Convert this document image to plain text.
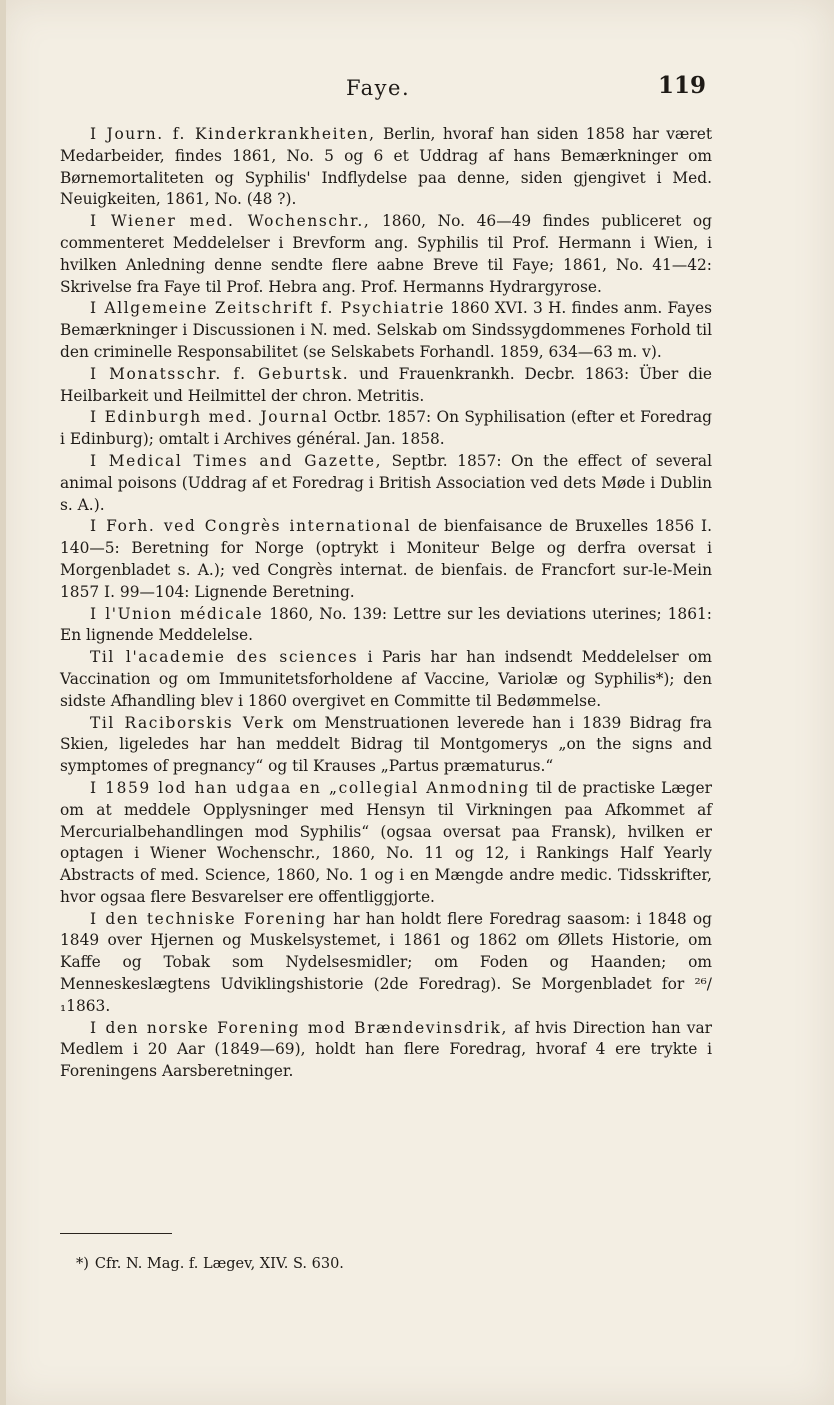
Faye.	119

I Journ. f. Kinderkrankheiten, Berlin, hvoraf han siden 1858 har været Medarbeider, findes 1861, No. 5 og 6 et Uddrag af hans Bemærkninger om Børnemortaliteten og Syphilis' Indflydelse paa denne, siden gjengivet i Med. Neuigkeiten, 1861, No. (48 ?).

I Wiener med. Wochenschr., 1860, No. 46—49 findes publiceret og commenteret Meddelelser i Brevform ang. Syphilis til Prof. Hermann i Wien, i hvilken Anledning denne sendte flere aabne Breve til Faye; 1861, No. 41—42: Skrivelse fra Faye til Prof. Hebra ang. Prof. Hermanns Hydrargyrose.

I Allgemeine Zeitschrift f. Psychiatrie 1860 XVI. 3 H. findes anm. Fayes Bemærkninger i Discussionen i N. med. Selskab om Sindssygdommenes Forhold til den criminelle Responsabilitet (se Selskabets Forhandl. 1859, 634—63 m. v).

I Monatsschr. f. Geburtsk. und Frauenkrankh. Decbr. 1863: Über die Heilbarkeit und Heilmittel der chron. Metritis.

I Edinburgh med. Journal Octbr. 1857: On Syphilisation (efter et Foredrag i Edinburg); omtalt i Archives général. Jan. 1858.

I Medical Times and Gazette, Septbr. 1857: On the effect of several animal poisons (Uddrag af et Foredrag i British Association ved dets Møde i Dublin s. A.).

I Forh. ved Congrès international de bienfaisance de Bruxelles 1856 I. 140—5: Beretning for Norge (optrykt i Moniteur Belge og derfra oversat i Morgenbladet s. A.); ved Congrès internat. de bienfais. de Francfort sur-le-Mein 1857 I. 99—104: Lignende Beretning.

I l'Union médicale 1860, No. 139: Lettre sur les deviations uterines; 1861: En lignende Meddelelse.

Til l'academie des sciences i Paris har han indsendt Meddelelser om Vaccination og om Immunitetsforholdene af Vaccine, Variolæ og Syphilis*); den sidste Afhandling blev i 1860 overgivet en Committe til Bedømmelse.

Til Raciborskis Verk om Menstruationen leverede han i 1839 Bidrag fra Skien, ligeledes har han meddelt Bidrag til Montgomerys „on the signs and symptomes of pregnancy“ og til Krauses „Partus præmaturus.“

I 1859 lod han udgaa en „collegial Anmodning til de practiske Læger om at meddele Opplysninger med Hensyn til Virkningen paa Afkommet af Mercurialbehandlingen mod Syphilis“ (ogsaa oversat paa Fransk), hvilken er optagen i Wiener Wochenschr., 1860, No. 11 og 12, i Rankings Half Yearly Abstracts of med. Science, 1860, No. 1 og i en Mængde andre medic. Tidsskrifter, hvor ogsaa flere Besvarelser ere offentliggjorte.

I den techniske Forening har han holdt flere Foredrag saasom: i 1848 og 1849 over Hjernen og Muskelsystemet, i 1861 og 1862 om Øllets Historie, om Kaffe og Tobak som Nydelsesmidler; om Foden og Haanden; om Menneskeslægtens Udviklingshistorie (2de Foredrag). Se Morgenbladet for ²⁶/₁1863.

I den norske Forening mod Brændevinsdrik, af hvis Direction han var Medlem i 20 Aar (1849—69), holdt han flere Foredrag, hvoraf 4 ere trykte i Foreningens Aarsberetninger.

*) Cfr. N. Mag. f. Lægev, XIV. S. 630.
